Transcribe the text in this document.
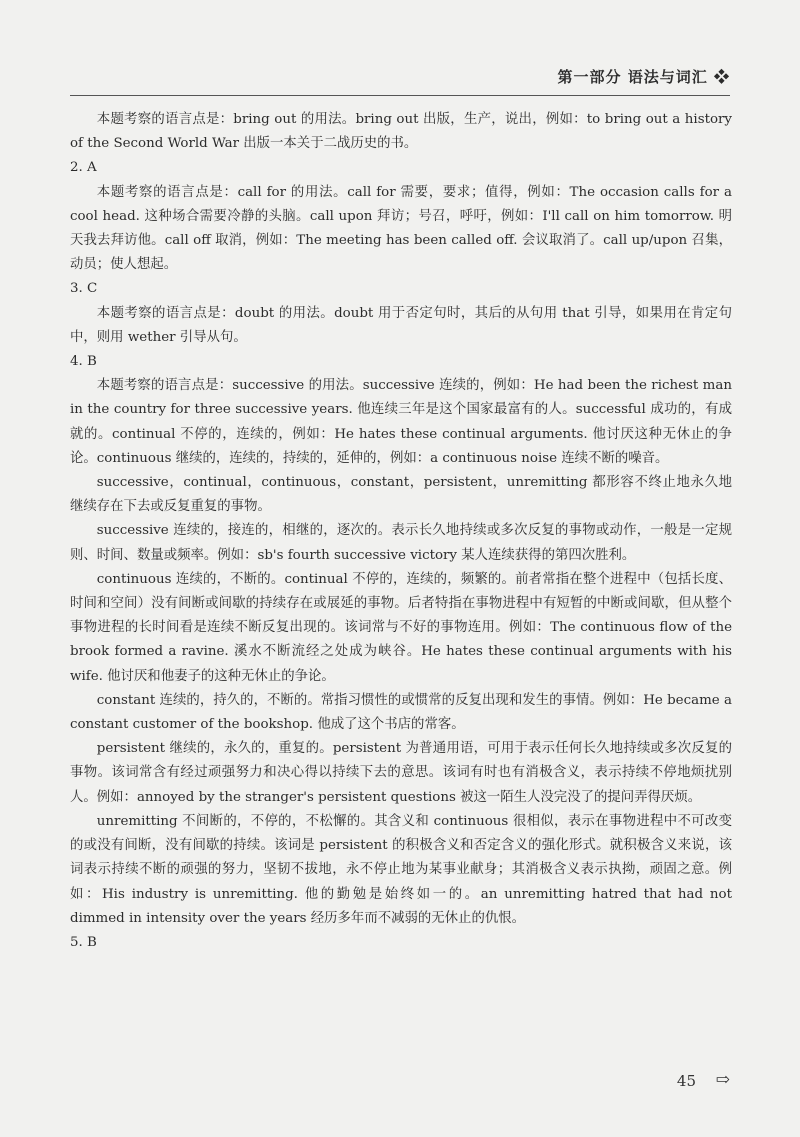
第一部分 语法与词汇 ❖

本题考察的语言点是：bring out 的用法。bring out 出版，生产，说出，例如：to bring out a history of the Second World War 出版一本关于二战历史的书。

2. A

本题考察的语言点是：call for 的用法。call for 需要，要求；值得，例如：The occasion calls for a cool head. 这种场合需要冷静的头脑。call upon 拜访；号召，呼吁，例如：I'll call on him tomorrow. 明天我去拜访他。call off 取消，例如：The meeting has been called off. 会议取消了。call up/upon 召集，动员；使人想起。

3. C

本题考察的语言点是：doubt 的用法。doubt 用于否定句时，其后的从句用 that 引导，如果用在肯定句中，则用 wether 引导从句。

4. B

本题考察的语言点是：successive 的用法。successive 连续的，例如：He had been the richest man in the country for three successive years. 他连续三年是这个国家最富有的人。successful 成功的，有成就的。continual 不停的，连续的，例如：He hates these continual arguments. 他讨厌这种无休止的争论。continuous 继续的，连续的，持续的，延伸的，例如：a continuous noise 连续不断的噪音。

successive，continual，continuous，constant，persistent，unremitting 都形容不终止地永久地继续存在下去或反复重复的事物。

successive 连续的，接连的，相继的，逐次的。表示长久地持续或多次反复的事物或动作，一般是一定规则、时间、数量或频率。例如：sb's fourth successive victory 某人连续获得的第四次胜利。

continuous 连续的，不断的。continual 不停的，连续的，频繁的。前者常指在整个进程中（包括长度、时间和空间）没有间断或间歇的持续存在或展延的事物。后者特指在事物进程中有短暂的中断或间歇，但从整个事物进程的长时间看是连续不断反复出现的。该词常与不好的事物连用。例如：The continuous flow of the brook formed a ravine. 溪水不断流经之处成为峡谷。He hates these continual arguments with his wife. 他讨厌和他妻子的这种无休止的争论。

constant 连续的，持久的，不断的。常指习惯性的或惯常的反复出现和发生的事情。例如：He became a constant customer of the bookshop. 他成了这个书店的常客。

persistent 继续的，永久的，重复的。persistent 为普通用语，可用于表示任何长久地持续或多次反复的事物。该词常含有经过顽强努力和决心得以持续下去的意思。该词有时也有消极含义，表示持续不停地烦扰别人。例如：annoyed by the stranger's persistent questions 被这一陌生人没完没了的提问弄得厌烦。

unremitting 不间断的，不停的，不松懈的。其含义和 continuous 很相似，表示在事物进程中不可改变的或没有间断，没有间歇的持续。该词是 persistent 的积极含义和否定含义的强化形式。就积极含义来说，该词表示持续不断的顽强的努力，坚韧不拔地，永不停止地为某事业献身；其消极含义表示执拗，顽固之意。例如：His industry is unremitting. 他的勤勉是始终如一的。an unremitting hatred that had not dimmed in intensity over the years 经历多年而不减弱的无休止的仇恨。

5. B

45 ⇨
